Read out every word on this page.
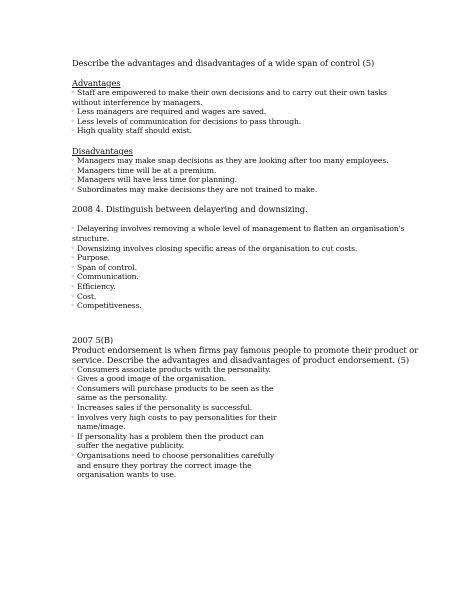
Describe the advantages and disadvantages of a wide span of control (5)
Advantages
◦ Staff are empowered to make their own decisions and to carry out their own tasks
without interference by managers.
◦ Less managers are required and wages are saved.
◦ Less levels of communication for decisions to pass through.
◦ High quality staff should exist.
Disadvantages
◦ Managers may make snap decisions as they are looking after too many employees.
◦ Managers time will be at a premium.
◦ Managers will have less time for planning.
◦ Subordinates may make decisions they are not trained to make.
2008 4. Distinguish between delayering and downsizing.
◦ Delayering involves removing a whole level of management to flatten an organisation's
structure.
◦ Downsizing involves closing specific areas of the organisation to cut costs.
◦ Purpose.
◦ Span of control.
◦ Communication.
◦ Efficiency.
◦ Cost.
◦ Competitiveness.
2007 5(B)
Product endorsement is when firms pay famous people to promote their product or
service. Describe the advantages and disadvantages of product endorsement. (5)
◦ Consumers associate products with the personality.
◦ Gives a good image of the organisation.
◦ Consumers will purchase products to be seen as the
same as the personality.
◦ Increases sales if the personality is successful.
◦ Involves very high costs to pay personalities for their
name/image.
◦ If personality has a problem then the product can
suffer the negative publicity.
◦ Organisations need to choose personalities carefully
and ensure they portray the correct image the
organisation wants to use.
